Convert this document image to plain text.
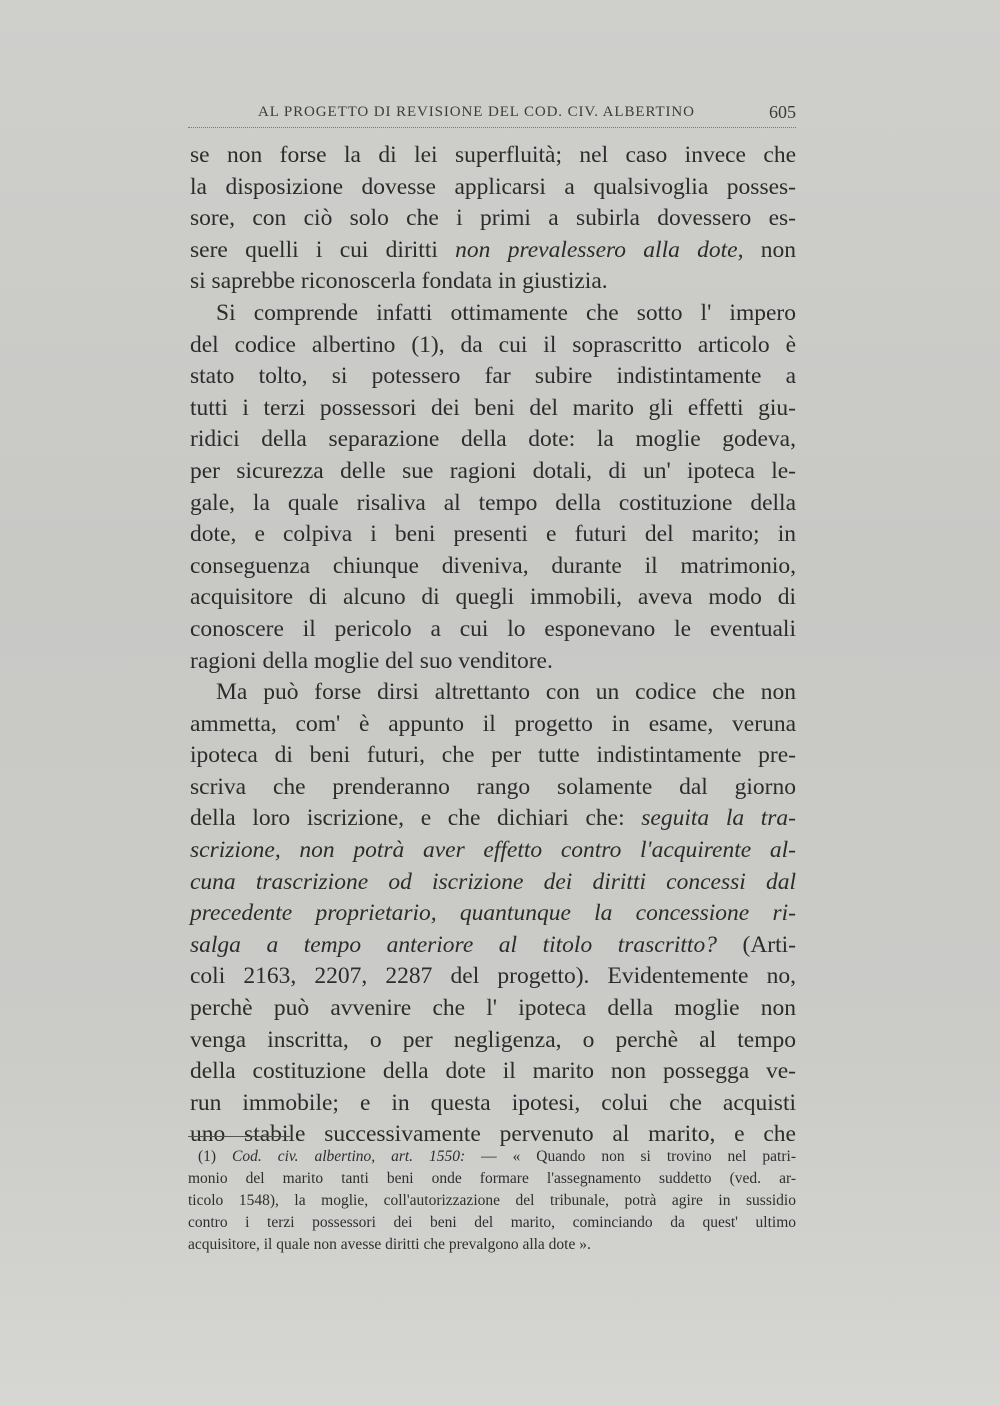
AL PROGETTO DI REVISIONE DEL COD. CIV. ALBERTINO	605
se non forse la di lei superfluità; nel caso invece che
la disposizione dovesse applicarsi a qualsivoglia posses-
sore, con ciò solo che i primi a subirla dovessero es-
sere quelli i cui diritti non prevalessero alla dote, non
si saprebbe riconoscerla fondata in giustizia.
Si comprende infatti ottimamente che sotto l' impero
del codice albertino (1), da cui il soprascritto articolo è
stato tolto, si potessero far subire indistintamente a
tutti i terzi possessori dei beni del marito gli effetti giu-
ridici della separazione della dote: la moglie godeva,
per sicurezza delle sue ragioni dotali, di un' ipoteca le-
gale, la quale risaliva al tempo della costituzione della
dote, e colpiva i beni presenti e futuri del marito; in
conseguenza chiunque diveniva, durante il matrimonio,
acquisitore di alcuno di quegli immobili, aveva modo di
conoscere il pericolo a cui lo esponevano le eventuali
ragioni della moglie del suo venditore.
Ma può forse dirsi altrettanto con un codice che non
ammetta, com' è appunto il progetto in esame, veruna
ipoteca di beni futuri, che per tutte indistintamente pre-
scriva che prenderanno rango solamente dal giorno
della loro iscrizione, e che dichiari che: seguita la tra-
scrizione, non potrà aver effetto contro l'acquirente al-
cuna trascrizione od iscrizione dei diritti concessi dal
precedente proprietario, quantunque la concessione ri-
salga a tempo anteriore al titolo trascritto? (Arti-
coli 2163, 2207, 2287 del progetto). Evidentemente no,
perchè può avvenire che l' ipoteca della moglie non
venga inscritta, o per negligenza, o perchè al tempo
della costituzione della dote il marito non possegga ve-
run immobile; e in questa ipotesi, colui che acquisti
uno stabile successivamente pervenuto al marito, e che
(1) Cod. civ. albertino, art. 1550: — « Quando non si trovino nel patri-
monio del marito tanti beni onde formare l'assegnamento suddetto (ved. ar-
ticolo 1548), la moglie, coll'autorizzazione del tribunale, potrà agire in sussidio
contro i terzi possessori dei beni del marito, cominciando da quest' ultimo
acquisitore, il quale non avesse diritti che prevalgono alla dote ».
